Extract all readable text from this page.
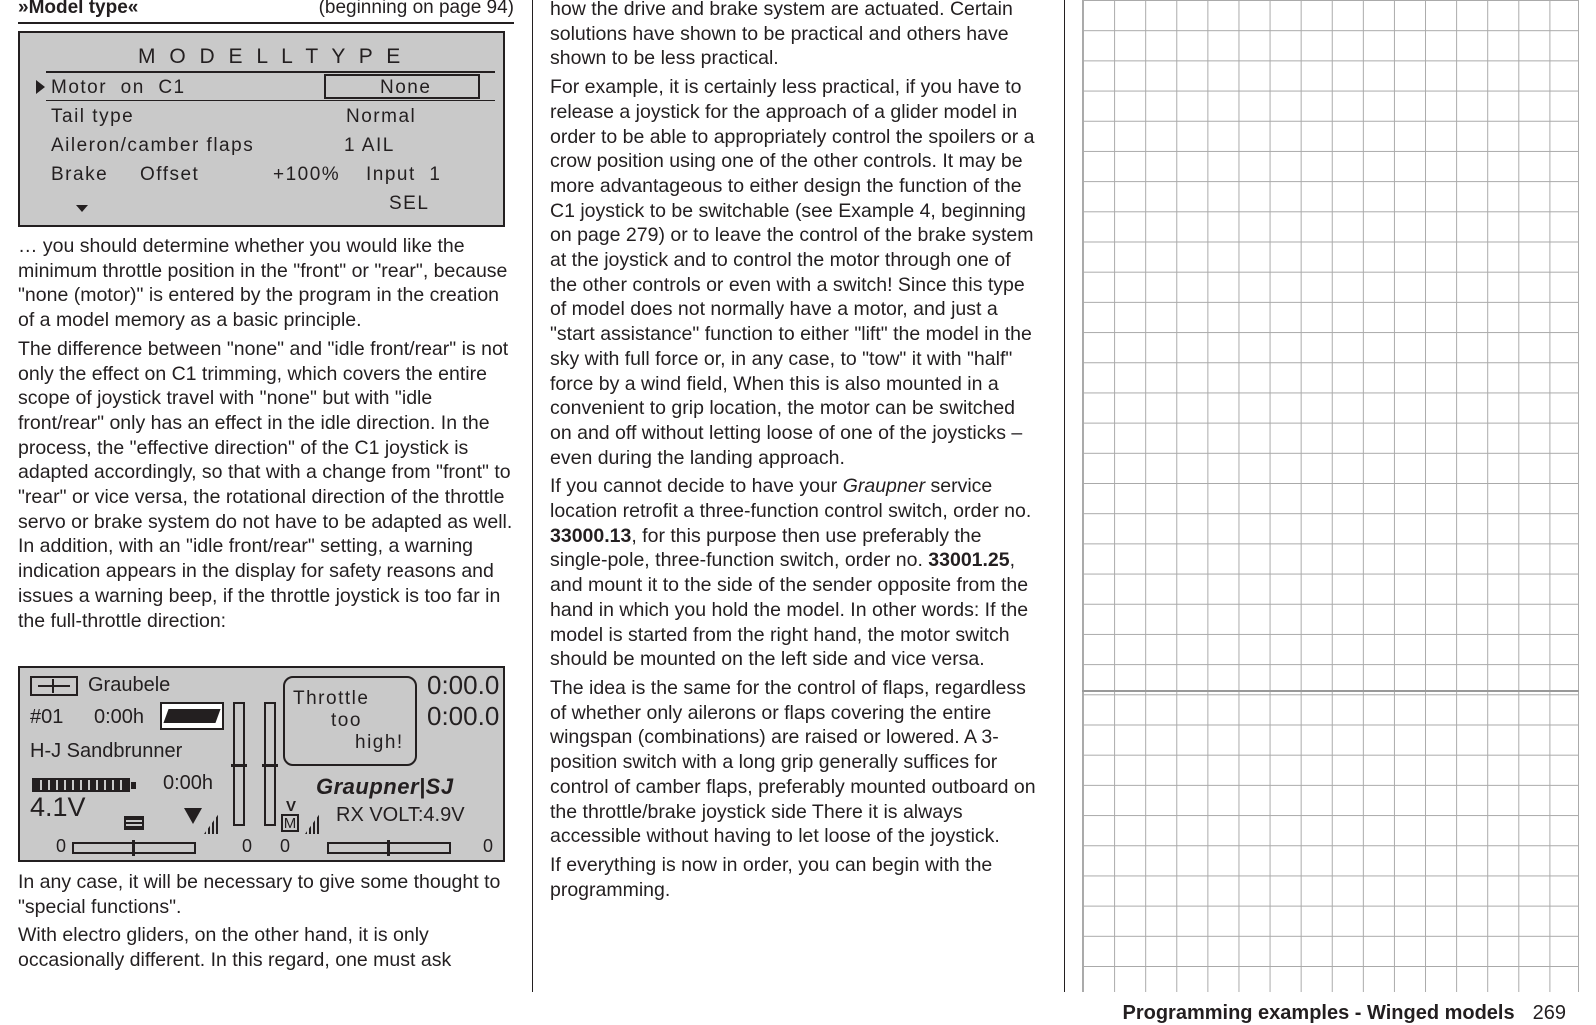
»Model type«	(beginning on page 94)
M O D E L L T Y P E
Motor  on  C1	None
Tail type	Normal
Aileron/camber flaps	1 AIL
Brake Offset	+100% Input  1
SEL

… you should determine whether you would like the minimum throttle position in the "front" or "rear", because "none (motor)" is entered by the program in the creation of a model memory as a basic principle.

The difference between "none" and "idle front/rear" is not only the effect on C1 trimming, which covers the entire scope of joystick travel with "none" but with "idle front/rear" only has an effect in the idle direction. In the process, the "effective direction" of the C1 joystick is adapted accordingly, so that with a change from "front" to "rear" or vice versa, the rotational direction of the throttle servo or brake system do not have to be adapted as well. In addition, with an "idle front/rear" setting, a warning indication appears in the display for safety reasons and issues a warning beep, if the throttle joystick is too far in the full-throttle direction:

Graubele
#01 0:00h
H-J Sandbrunner
0:00h
4.1V
Throttle
too
high!
0:00.0
0:00.0
Graupner|SJ
V
M RX VOLT:4.9V
0	0 0	0

In any case, it will be necessary to give some thought to "special functions".

With electro gliders, on the other hand, it is only occasionally different. In this regard, one must ask

how the drive and brake system are actuated. Certain solutions have shown to be practical and others have shown to be less practical.

For example, it is certainly less practical, if you have to release a joystick for the approach of a glider model in order to be able to appropriately control the spoilers or a crow position using one of the other controls. It may be more advantageous to either design the function of the C1 joystick to be switchable (see Example 4, beginning on page 279) or to leave the control of the brake system at the joystick and to control the motor through one of the other controls or even with a switch! Since this type of model does not normally have a motor, and just a "start assistance" function to either "lift" the model in the sky with full force or, in any case, to "tow" it with "half" force by a wind field, When this is also mounted in a convenient to grip location, the motor can be switched on and off without letting loose of one of the joysticks – even during the landing approach.

If you cannot decide to have your Graupner service location retrofit a three-function control switch, order no. 33000.13, for this purpose then use preferably the single-pole, three-function switch, order no. 33001.25, and mount it to the side of the sender opposite from the hand in which you hold the model. In other words: If the model is started from the right hand, the motor switch should be mounted on the left side and vice versa.

The idea is the same for the control of flaps, regardless of whether only ailerons or flaps covering the entire wingspan (combinations) are raised or lowered. A 3-position switch with a long grip generally suffices for control of camber flaps, preferably mounted outboard on the throttle/brake joystick side There it is always accessible without having to let loose of the joystick.

If everything is now in order, you can begin with the programming.

Programming examples - Winged models 269
